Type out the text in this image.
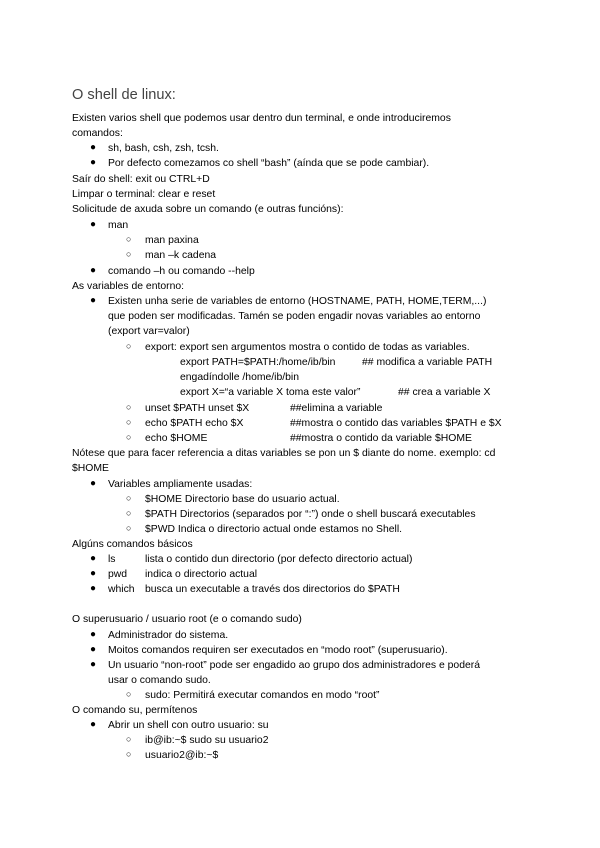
O shell de linux:
Existen varios shell que podemos usar dentro dun terminal, e onde introduciremos
comandos:
● sh, bash, csh, zsh, tcsh.
● Por defecto comezamos co shell “bash” (aínda que se pode cambiar).
Saír do shell: exit ou CTRL+D
Limpar o terminal: clear e reset
Solicitude de axuda sobre un comando (e outras funcións):
● man
○ man paxina
○ man –k cadena
● comando –h ou comando --help
As variables de entorno:
● Existen unha serie de variables de entorno (HOSTNAME, PATH, HOME,TERM,...)
que poden ser modificadas. Tamén se poden engadir novas variables ao entorno
(export var=valor)
○ export: export sen argumentos mostra o contido de todas as variables.
export PATH=$PATH:/home/ib/bin	## modifica a variable PATH
engadíndolle /home/ib/bin
export X=“a variable X toma este valor”	## crea a variable X
○ unset $PATH unset $X	##elimina a variable
○ echo $PATH echo $X	##mostra o contido das variables $PATH e $X
○ echo $HOME	##mostra o contido da variable $HOME
Nótese que para facer referencia a ditas variables se pon un $ diante do nome. exemplo: cd
$HOME
● Variables ampliamente usadas:
○ $HOME Directorio base do usuario actual.
○ $PATH Directorios (separados por “:”) onde o shell buscará executables
○ $PWD Indica o directorio actual onde estamos no Shell.
Algúns comandos básicos
● ls	lista o contido dun directorio (por defecto directorio actual)
● pwd indica o directorio actual
● which busca un executable a través dos directorios do $PATH
O superusuario / usuario root (e o comando sudo)
● Administrador do sistema.
● Moitos comandos requiren ser executados en “modo root” (superusuario).
● Un usuario “non-root” pode ser engadido ao grupo dos administradores e poderá
usar o comando sudo.
○ sudo: Permitirá executar comandos en modo “root”
O comando su, permítenos
● Abrir un shell con outro usuario: su
○ ib@ib:~$ sudo su usuario2
○ usuario2@ib:~$
